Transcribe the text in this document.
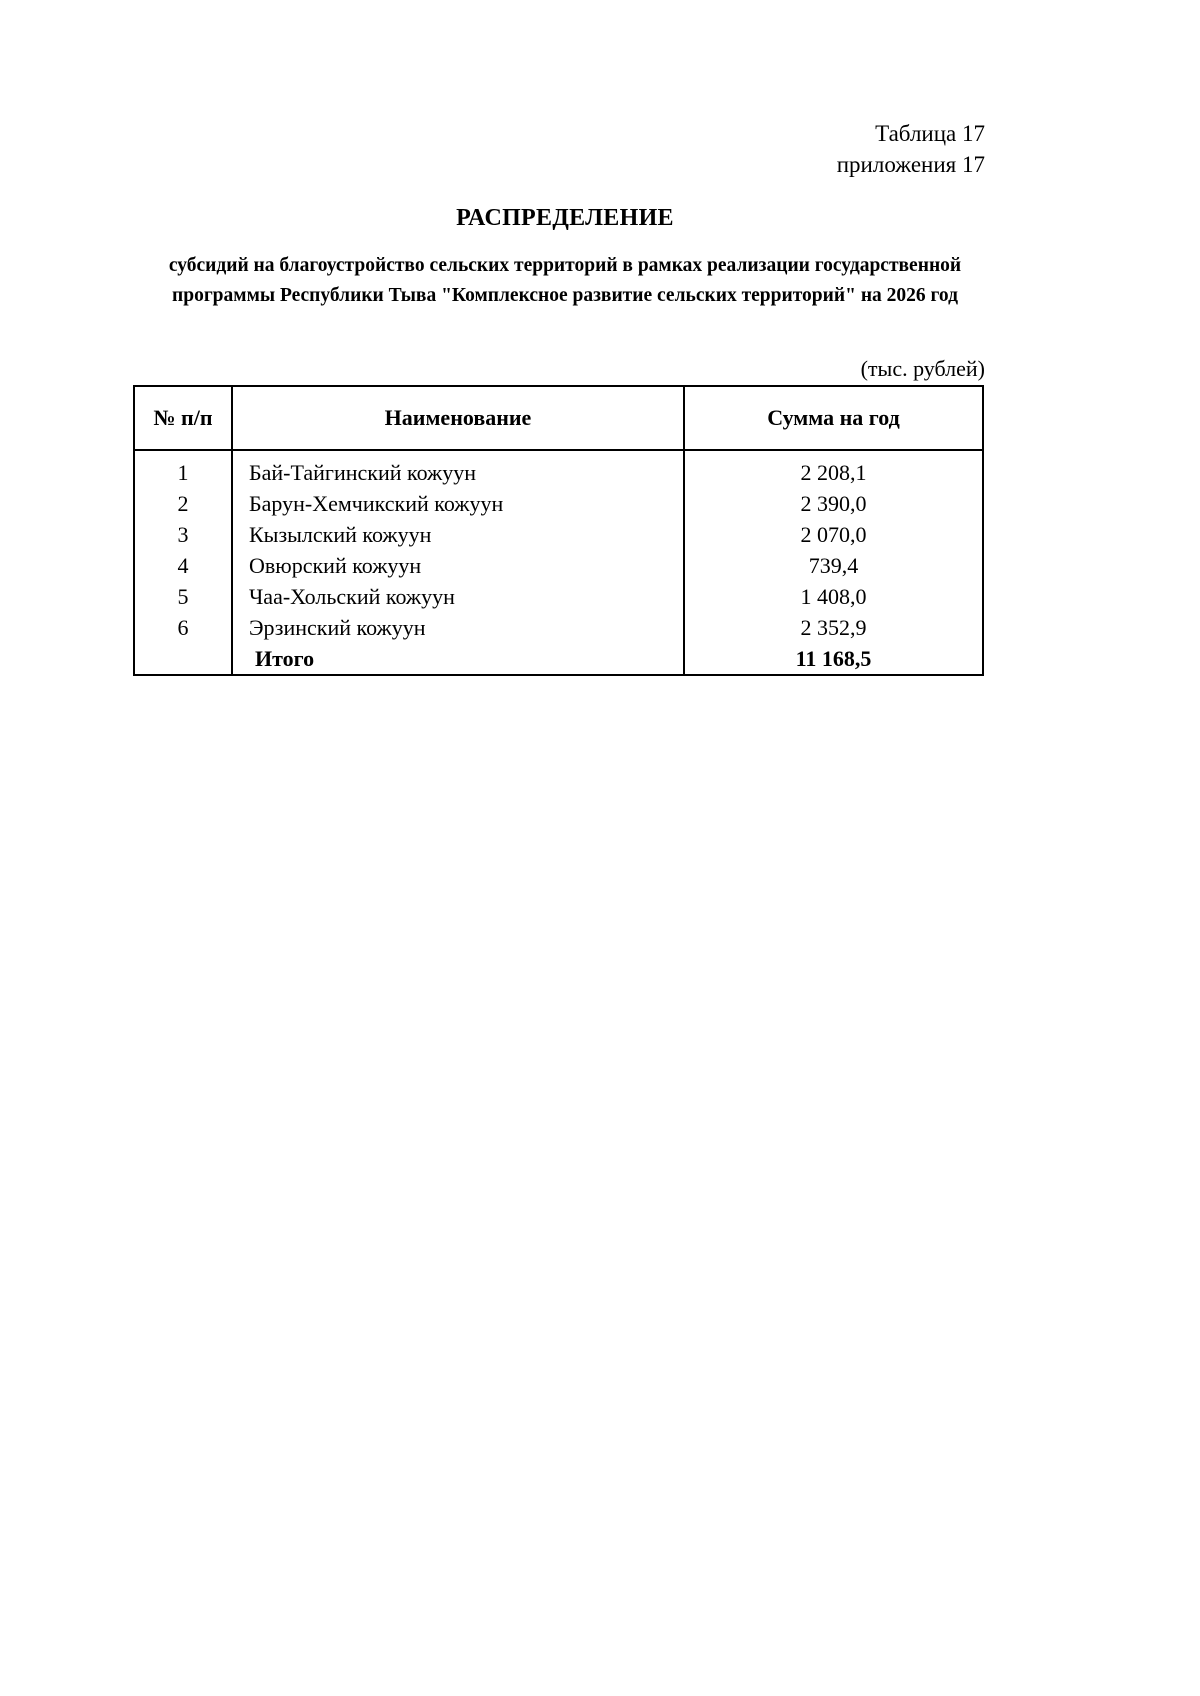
Таблица 17
приложения 17
РАСПРЕДЕЛЕНИЕ
субсидий на благоустройство сельских территорий в рамках реализации государственной программы Республики Тыва "Комплексное развитие сельских территорий" на 2026 год
(тыс. рублей)
№ п/п	Наименование	Сумма на год

1	Бай-Тайгинский кожуун	2 208,1
2	Барун-Хемчикский кожуун	2 390,0
3	Кызылский кожуун	2 070,0
4	Овюрский кожуун	739,4
5	Чаа-Хольский кожуун	1 408,0
6	Эрзинский кожуун	2 352,9
	Итого	11 168,5
